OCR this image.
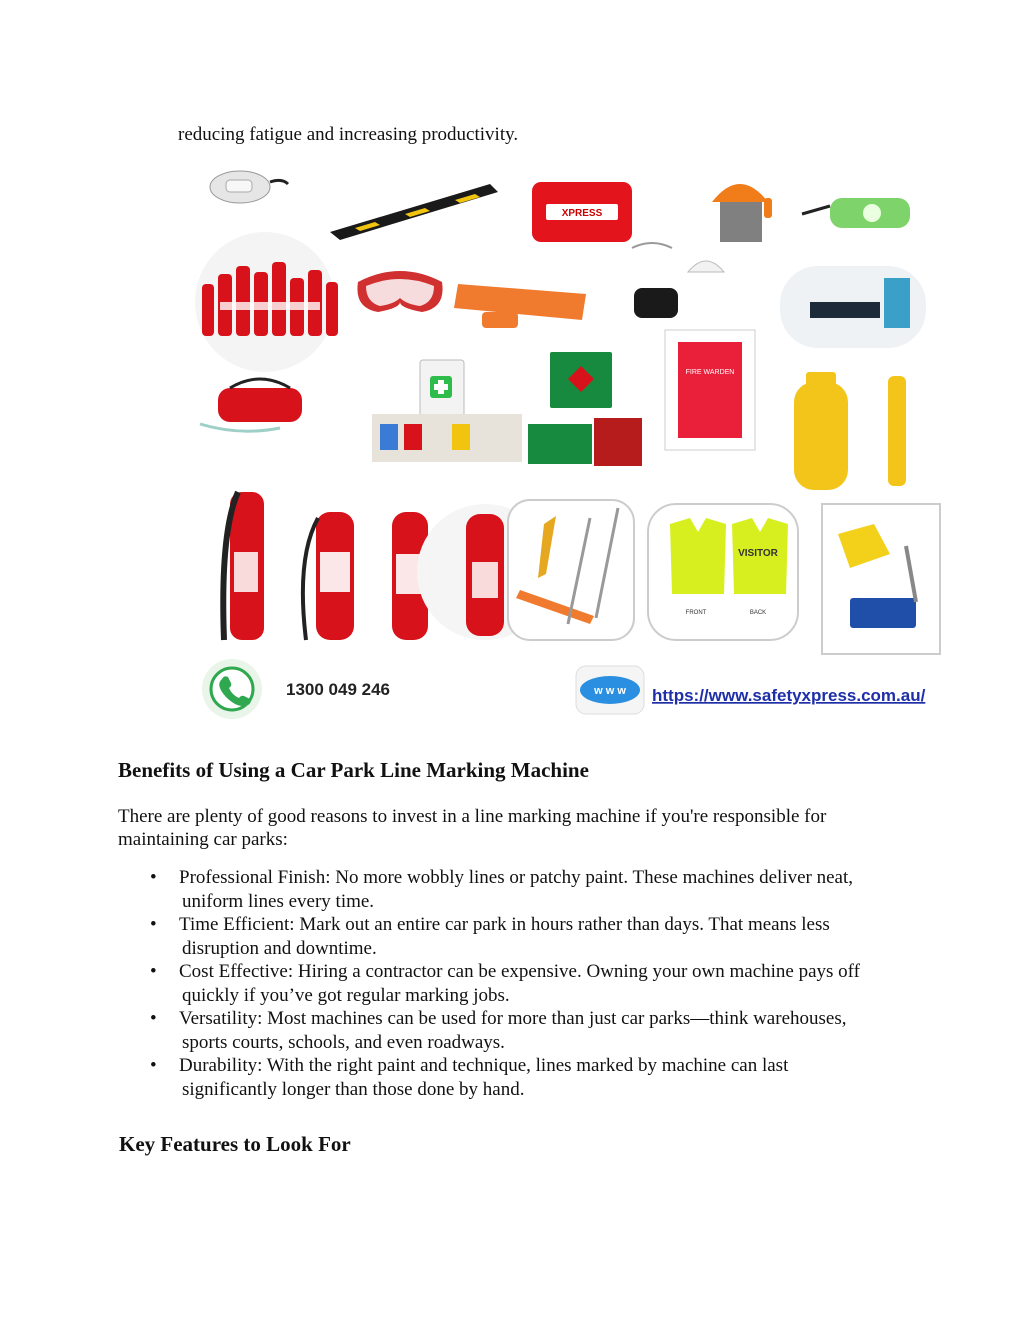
reducing fatigue and increasing productivity.
XPRESS
FIRE WARDEN
VISITOR
FRONT	BACK
1300 049 246	w w w https://www.safetyxpress.com.au/
Benefits of Using a Car Park Line Marking Machine
There are plenty of good reasons to invest in a line marking machine if you're responsible for maintaining car parks:
•	Professional Finish: No more wobbly lines or patchy paint. These machines deliver neat,
uniform lines every time.
•	Time Efficient: Mark out an entire car park in hours rather than days. That means less
disruption and downtime.
•	Cost Effective: Hiring a contractor can be expensive. Owning your own machine pays off
quickly if you’ve got regular marking jobs.
•	Versatility: Most machines can be used for more than just car parks—think warehouses,
sports courts, schools, and even roadways.
•	Durability: With the right paint and technique, lines marked by machine can last
significantly longer than those done by hand.
Key Features to Look For
